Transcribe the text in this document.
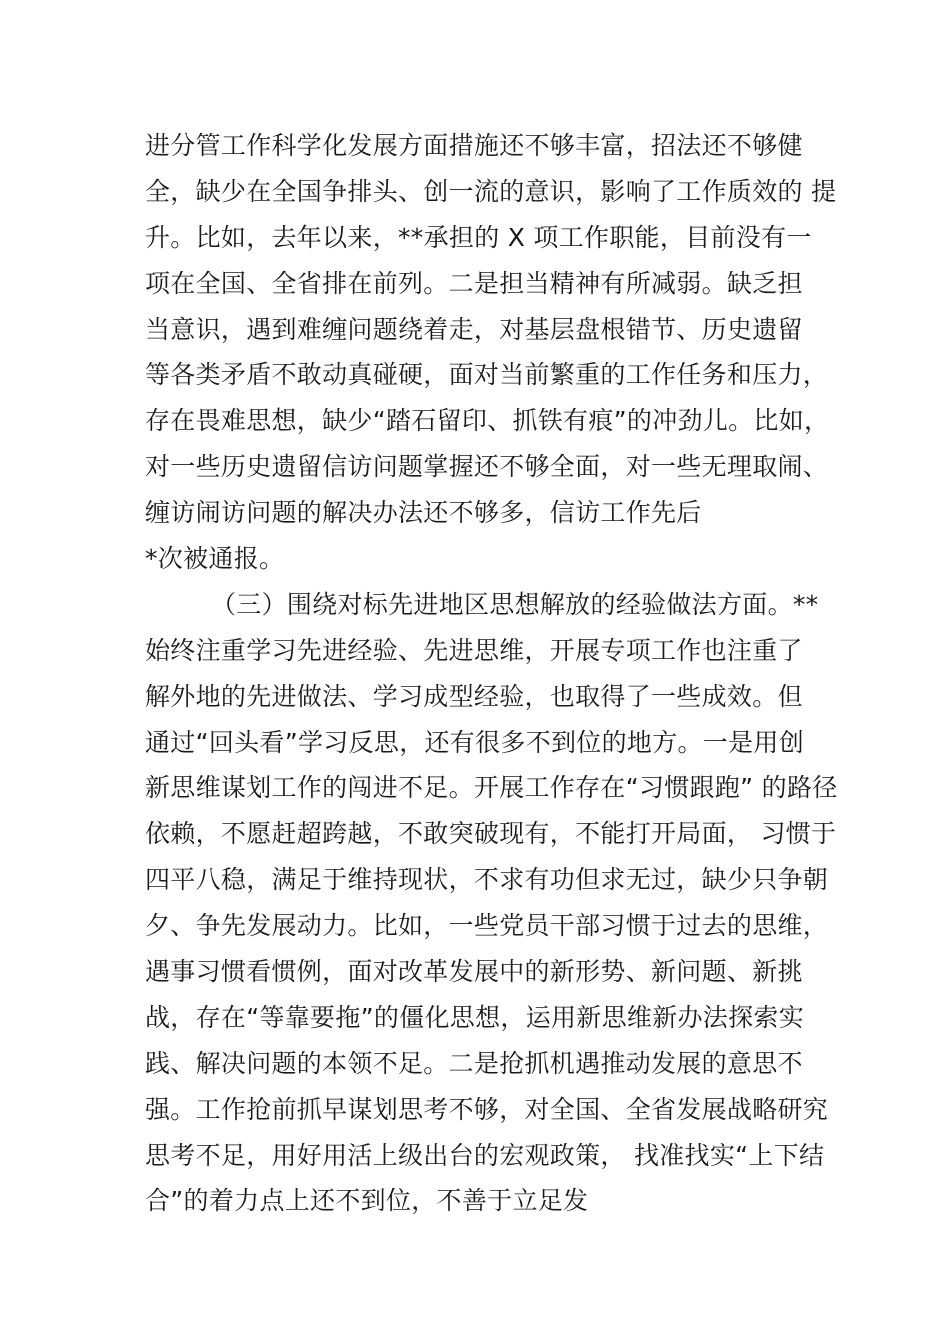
进分管工作科学化发展方面措施还不够丰富，招法还不够健
全，缺少在全国争排头、创一流的意识，影响了工作质效的 提
升。比如，去年以来，**承担的 X 项工作职能，目前没有一
项在全国、全省排在前列。二是担当精神有所减弱。缺乏担
当意识，遇到难缠问题绕着走，对基层盘根错节、历史遗留
等各类矛盾不敢动真碰硬，面对当前繁重的工作任务和压力，
存在畏难思想，缺少“踏石留印、抓铁有痕”的冲劲儿。比如，
对一些历史遗留信访问题掌握还不够全面，对一些无理取闹、
缠访闹访问题的解决办法还不够多，信访工作先后
*次被通报。
（三）围绕对标先进地区思想解放的经验做法方面。**
始终注重学习先进经验、先进思维，开展专项工作也注重了
解外地的先进做法、学习成型经验，也取得了一些成效。但
通过“回头看”学习反思，还有很多不到位的地方。一是用创
新思维谋划工作的闯进不足。开展工作存在“习惯跟跑” 的路径
依赖，不愿赶超跨越，不敢突破现有，不能打开局面， 习惯于
四平八稳，满足于维持现状，不求有功但求无过，缺少只争朝
夕、争先发展动力。比如，一些党员干部习惯于过去的思维，
遇事习惯看惯例，面对改革发展中的新形势、新问题、新挑
战，存在“等靠要拖”的僵化思想，运用新思维新办法探索实
践、解决问题的本领不足。二是抢抓机遇推动发展的意思不
强。工作抢前抓早谋划思考不够，对全国、全省发展战略研究
思考不足，用好用活上级出台的宏观政策， 找准找实“上下结
合”的着力点上还不到位，不善于立足发
